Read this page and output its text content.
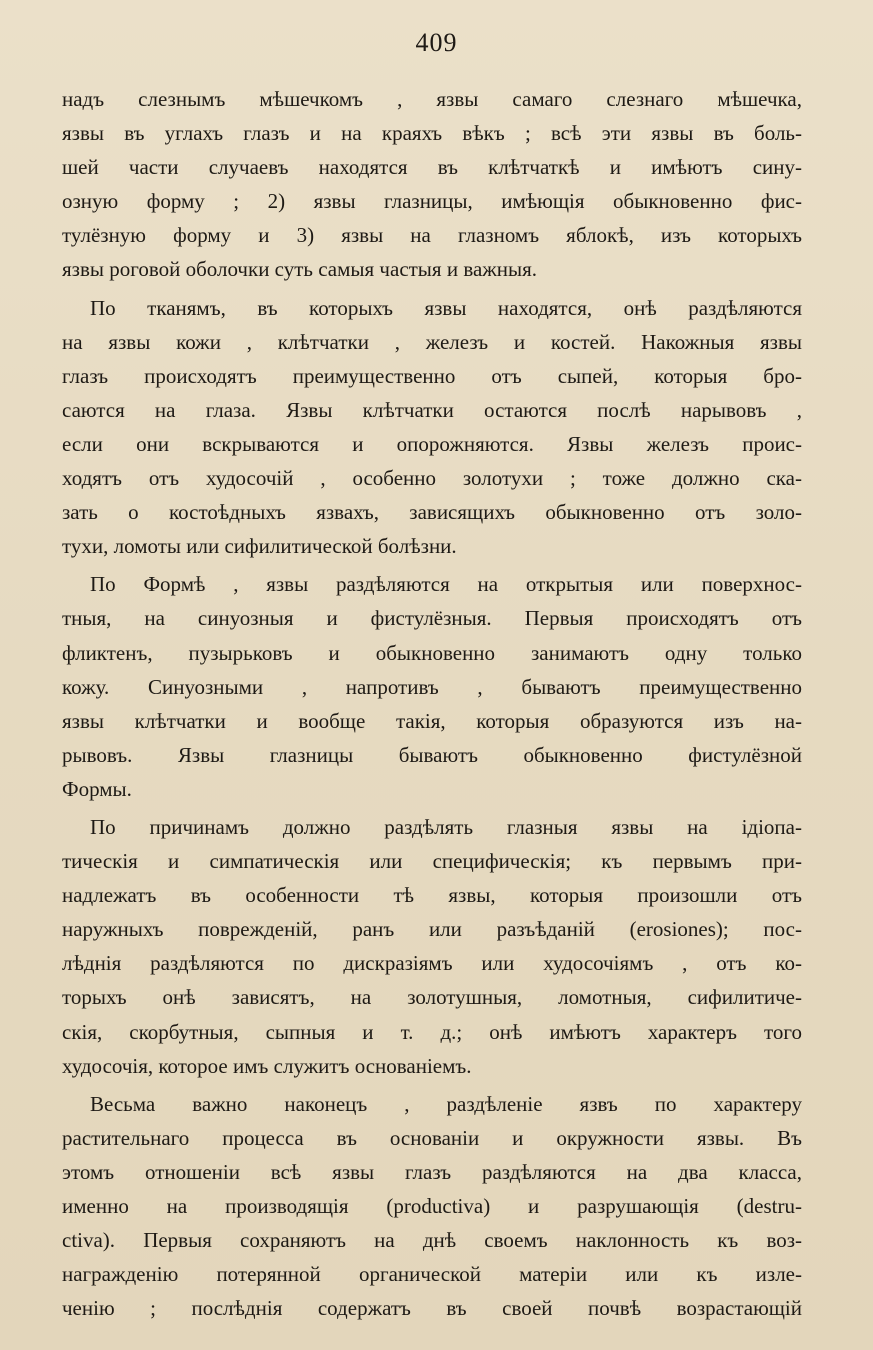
409
надъ слезнымъ мѣшечкомъ , язвы самаго слезнаго мѣшечка,
язвы въ углахъ глазъ и на краяхъ вѣкъ ; всѣ эти язвы въ боль-
шей части случаевъ находятся въ клѣтчаткѣ и имѣютъ сину-
озную форму ; 2) язвы глазницы, имѣющія обыкновенно фис-
тулёзную форму и 3) язвы на глазномъ яблокѣ, изъ которыхъ
язвы роговой оболочки суть самыя частыя и важныя.
По тканямъ, въ которыхъ язвы находятся, онѣ раздѣляются
на язвы кожи , клѣтчатки , железъ и костей. Накожныя язвы
глазъ происходятъ преимущественно отъ сыпей, которыя бро-
саются на глаза. Язвы клѣтчатки остаются послѣ нарывовъ ,
если они вскрываются и опорожняются. Язвы железъ проис-
ходятъ отъ худосочій , особенно золотухи ; тоже должно ска-
зать о костоѣдныхъ язвахъ, зависящихъ обыкновенно отъ золо-
тухи, ломоты или сифилитической болѣзни.
По Формѣ , язвы раздѣляются на открытыя или поверхнос-
тныя, на синуозныя и фистулёзныя. Первыя происходятъ отъ
фликтенъ, пузырьковъ и обыкновенно занимаютъ одну только
кожу. Синуозными , напротивъ , бываютъ преимущественно
язвы клѣтчатки и вообще такія, которыя образуются изъ на-
рывовъ. Язвы глазницы бываютъ обыкновенно фистулёзной
Формы.
По причинамъ должно раздѣлять глазныя язвы на ідіопа-
тическія и симпатическія или специфическія; къ первымъ при-
надлежатъ въ особенности тѣ язвы, которыя произошли отъ
наружныхъ поврежденій, ранъ или разъѣданій (erosiones); пос-
лѣднія раздѣляются по дискразіямъ или худосочіямъ , отъ ко-
торыхъ онѣ зависятъ, на золотушныя, ломотныя, сифилитиче-
скія, скорбутныя, сыпныя и т. д.; онѣ имѣютъ характеръ того
худосочія, которое имъ служитъ основаніемъ.
Весьма важно наконецъ , раздѣленіе язвъ по характеру
растительнаго процесса въ основаніи и окружности язвы. Въ
этомъ отношеніи всѣ язвы глазъ раздѣляются на два класса,
именно на производящія (productiva) и разрушающія (destru-
ctiva). Первыя сохраняютъ на днѣ своемъ наклонность къ воз-
награжденію потерянной органической матеріи или къ излe-
ченію ; послѣднія содержатъ въ своей почвѣ возрастающій
